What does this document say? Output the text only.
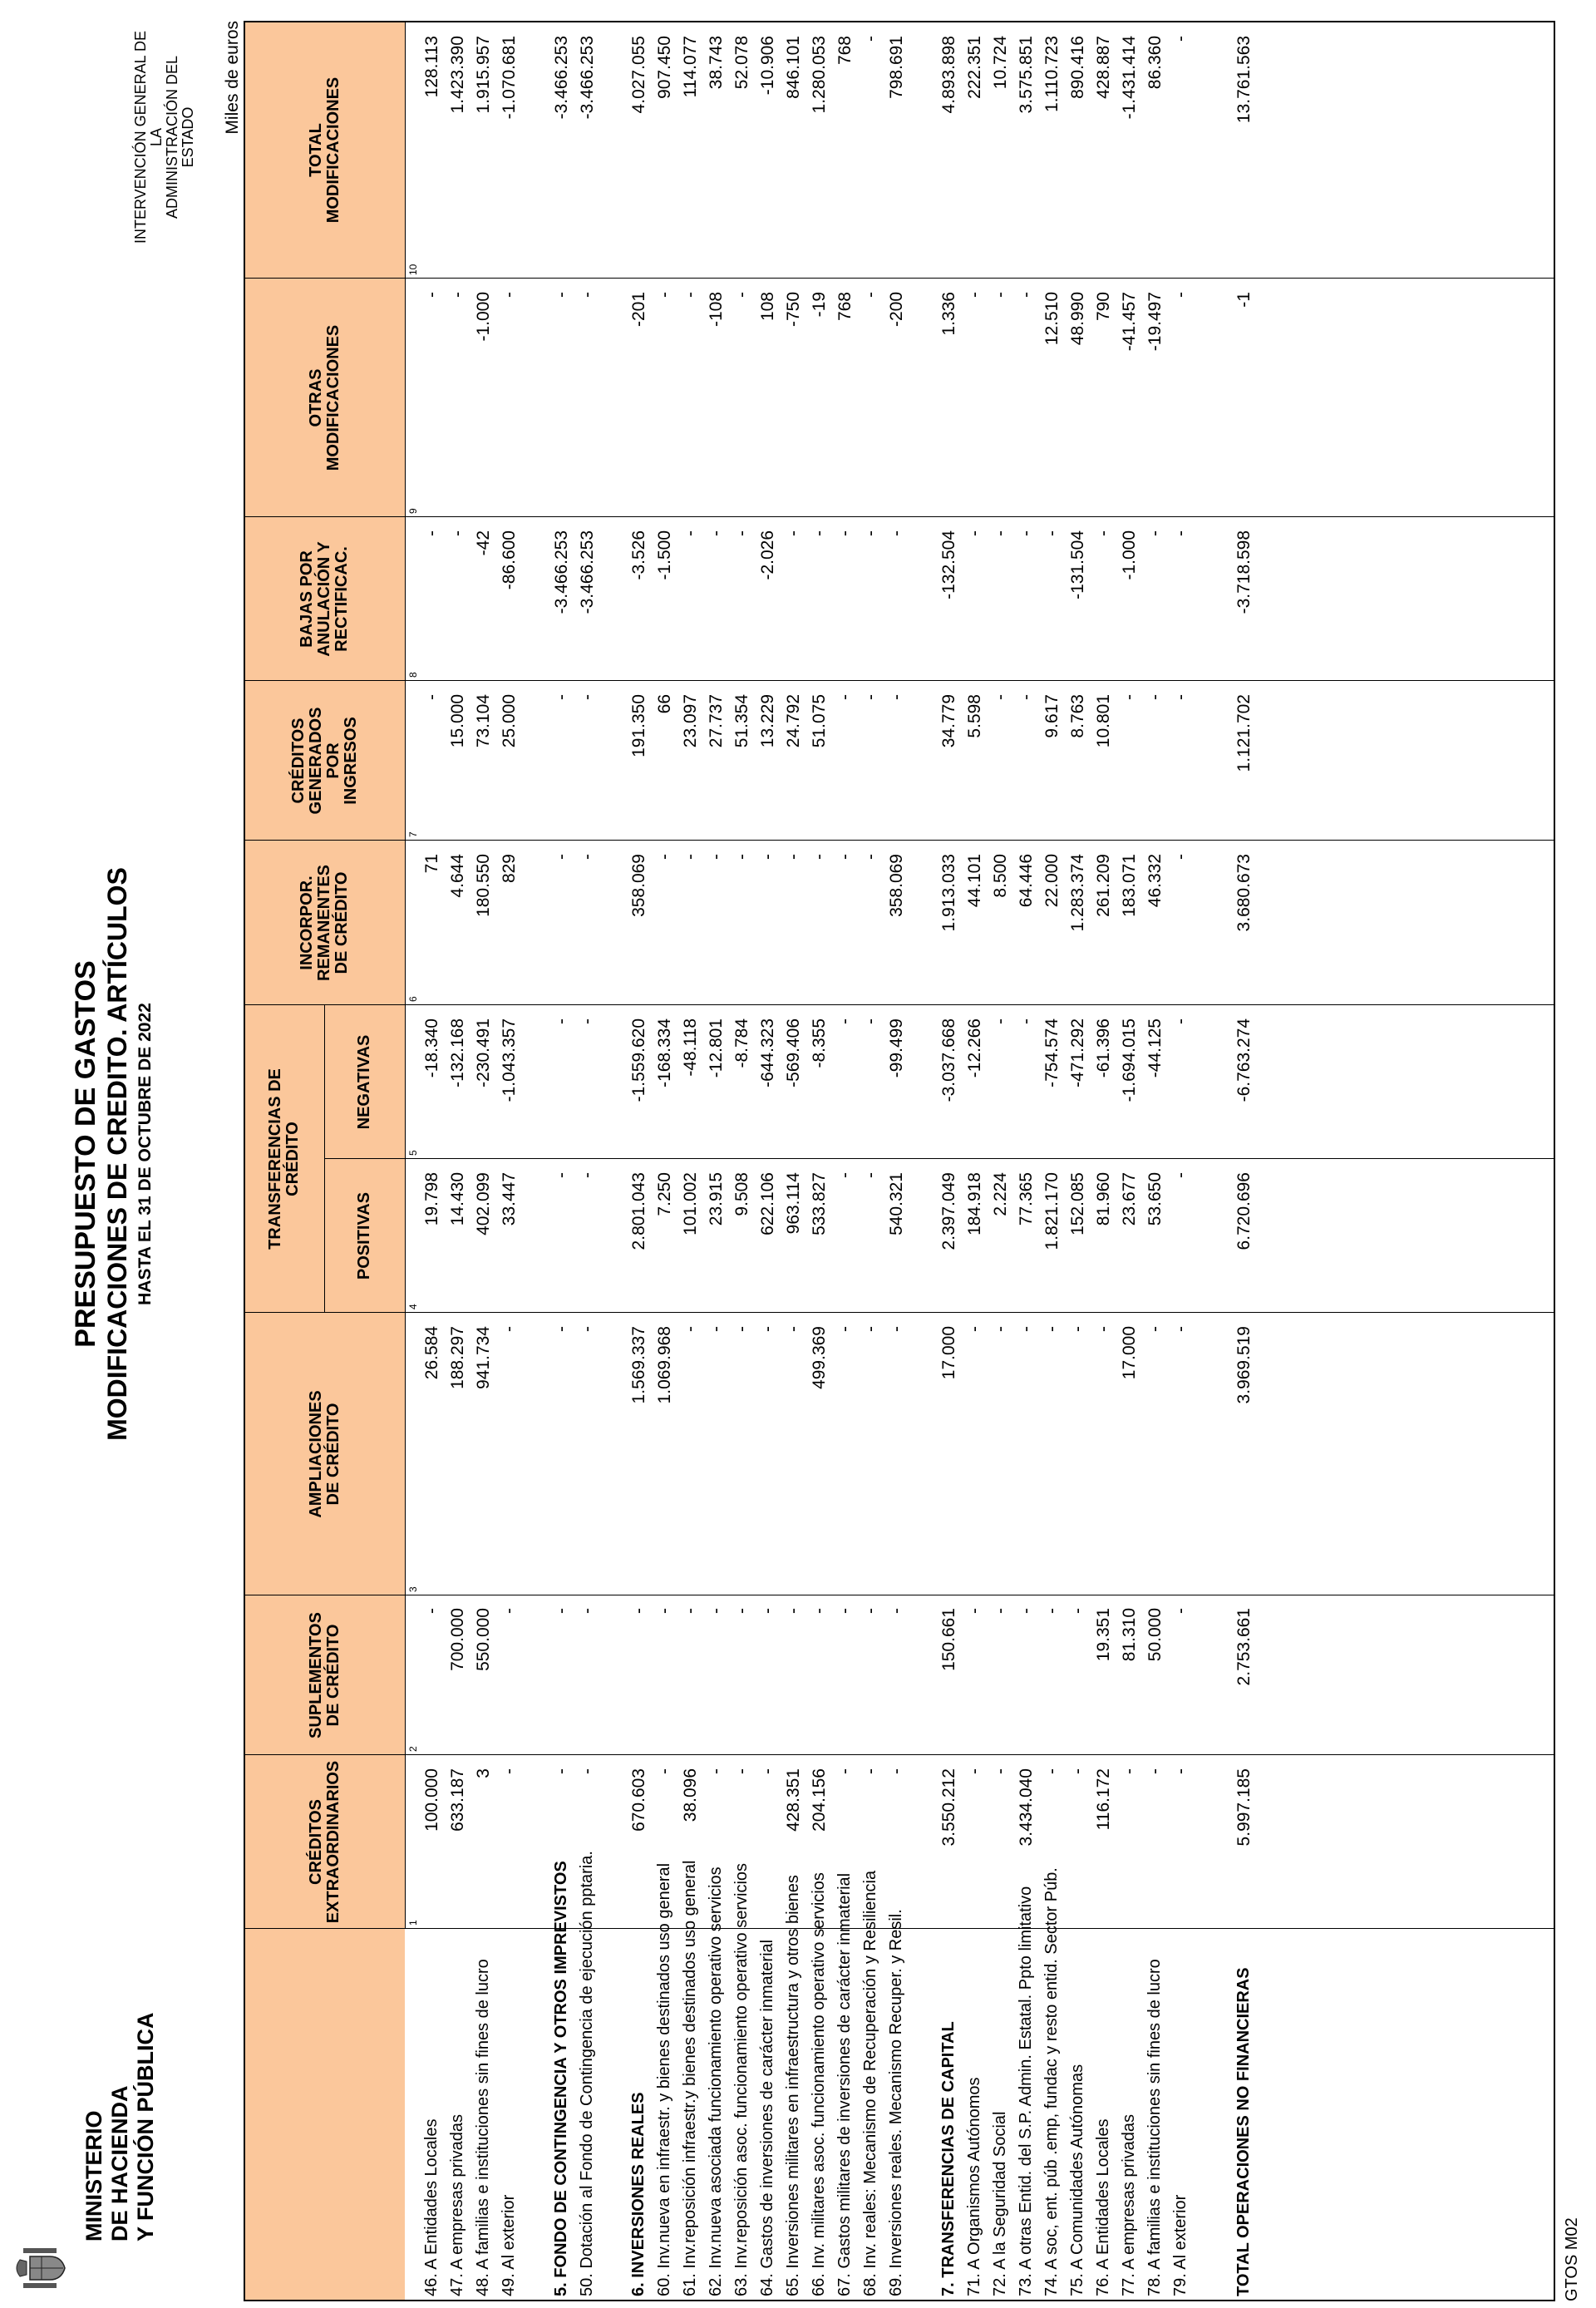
MINISTERIO DE HACIENDA Y FUNCIÓN PÚBLICA
PRESUPUESTO DE GASTOS MODIFICACIONES DE CREDITO. ARTÍCULOS HASTA EL 31 DE OCTUBRE DE 2022
INTERVENCIÓN GENERAL DE LA ADMINISTRACIÓN DEL ESTADO
Miles de euros
CRÉDITOS EXTRAORDINARIOS
SUPLEMENTOS DE CRÉDITO
AMPLIACIONES DE CRÉDITO
TRANSFERENCIAS DE CRÉDITO
POSITIVAS
NEGATIVAS
INCORPOR. REMANENTES DE CRÉDITO
CRÉDITOS GENERADOS POR INGRESOS
BAJAS POR ANULACIÓN Y RECTIFICAC.
OTRAS MODIFICACIONES
TOTAL MODIFICACIONES
1
2
3
4
5
6
7
8
9
10
46. A Entidades Locales
100.000
-
26.584
19.798
-18.340
71
-
-
-
128.113
47. A empresas privadas
633.187
700.000
188.297
14.430
-132.168
4.644
15.000
-
-
1.423.390
48. A familias e instituciones sin fines de lucro
3
550.000
941.734
402.099
-230.491
180.550
73.104
-42
-1.000
1.915.957
49. Al exterior
-
-
-
33.447
-1.043.357
829
25.000
-86.600
-
-1.070.681
5. FONDO DE CONTINGENCIA Y OTROS IMPREVISTOS
-
-
-
-
-
-
-
-3.466.253
-
-3.466.253
50. Dotación al Fondo de Contingencia de ejecución pptaria.
-
-
-
-
-
-
-
-3.466.253
-
-3.466.253
6. INVERSIONES REALES
670.603
-
1.569.337
2.801.043
-1.559.620
358.069
191.350
-3.526
-201
4.027.055
60. Inv.nueva en infraestr. y bienes destinados uso general
-
-
1.069.968
7.250
-168.334
-
66
-1.500
-
907.450
61. Inv.reposición infraestr.y bienes destinados uso general
38.096
-
-
101.002
-48.118
-
23.097
-
-
114.077
62. Inv.nueva asociada funcionamiento operativo servicios
-
-
-
23.915
-12.801
-
27.737
-
-108
38.743
63. Inv.reposición asoc. funcionamiento operativo servicios
-
-
-
9.508
-8.784
-
51.354
-
-
52.078
64. Gastos de inversiones de carácter inmaterial
-
-
-
622.106
-644.323
-
13.229
-2.026
108
-10.906
65. Inversiones militares en infraestructura y otros bienes
428.351
-
-
963.114
-569.406
-
24.792
-
-750
846.101
66. Inv. militares asoc. funcionamiento operativo servicios
204.156
-
499.369
533.827
-8.355
-
51.075
-
-19
1.280.053
67. Gastos militares de inversiones de carácter inmaterial
-
-
-
-
-
-
-
-
768
768
68. Inv. reales: Mecanismo de Recuperación y Resiliencia
-
-
-
-
-
-
-
-
-
-
69. Inversiones reales. Mecanismo Recuper. y Resil.
-
-
-
540.321
-99.499
358.069
-
-
-200
798.691
7. TRANSFERENCIAS DE CAPITAL
3.550.212
150.661
17.000
2.397.049
-3.037.668
1.913.033
34.779
-132.504
1.336
4.893.898
71. A Organismos Autónomos
-
-
-
184.918
-12.266
44.101
5.598
-
-
222.351
72. A la Seguridad Social
-
-
-
2.224
-
8.500
-
-
-
10.724
73. A otras Entid. del S.P. Admin. Estatal. Ppto limitativo
3.434.040
-
-
77.365
-
64.446
-
-
-
3.575.851
74. A soc, ent. púb .emp, fundac y resto entid. Sector Púb.
-
-
-
1.821.170
-754.574
22.000
9.617
-
12.510
1.110.723
75. A Comunidades Autónomas
-
-
-
152.085
-471.292
1.283.374
8.763
-131.504
48.990
890.416
76. A Entidades Locales
116.172
19.351
-
81.960
-61.396
261.209
10.801
-
790
428.887
77. A empresas privadas
-
81.310
17.000
23.677
-1.694.015
183.071
-
-1.000
-41.457
-1.431.414
78. A familias e instituciones sin fines de lucro
-
50.000
-
53.650
-44.125
46.332
-
-
-19.497
86.360
79. Al exterior
-
-
-
-
-
-
-
-
-
-
TOTAL OPERACIONES NO FINANCIERAS
5.997.185
2.753.661
3.969.519
6.720.696
-6.763.274
3.680.673
1.121.702
-3.718.598
-1
13.761.563
GTOS M02
